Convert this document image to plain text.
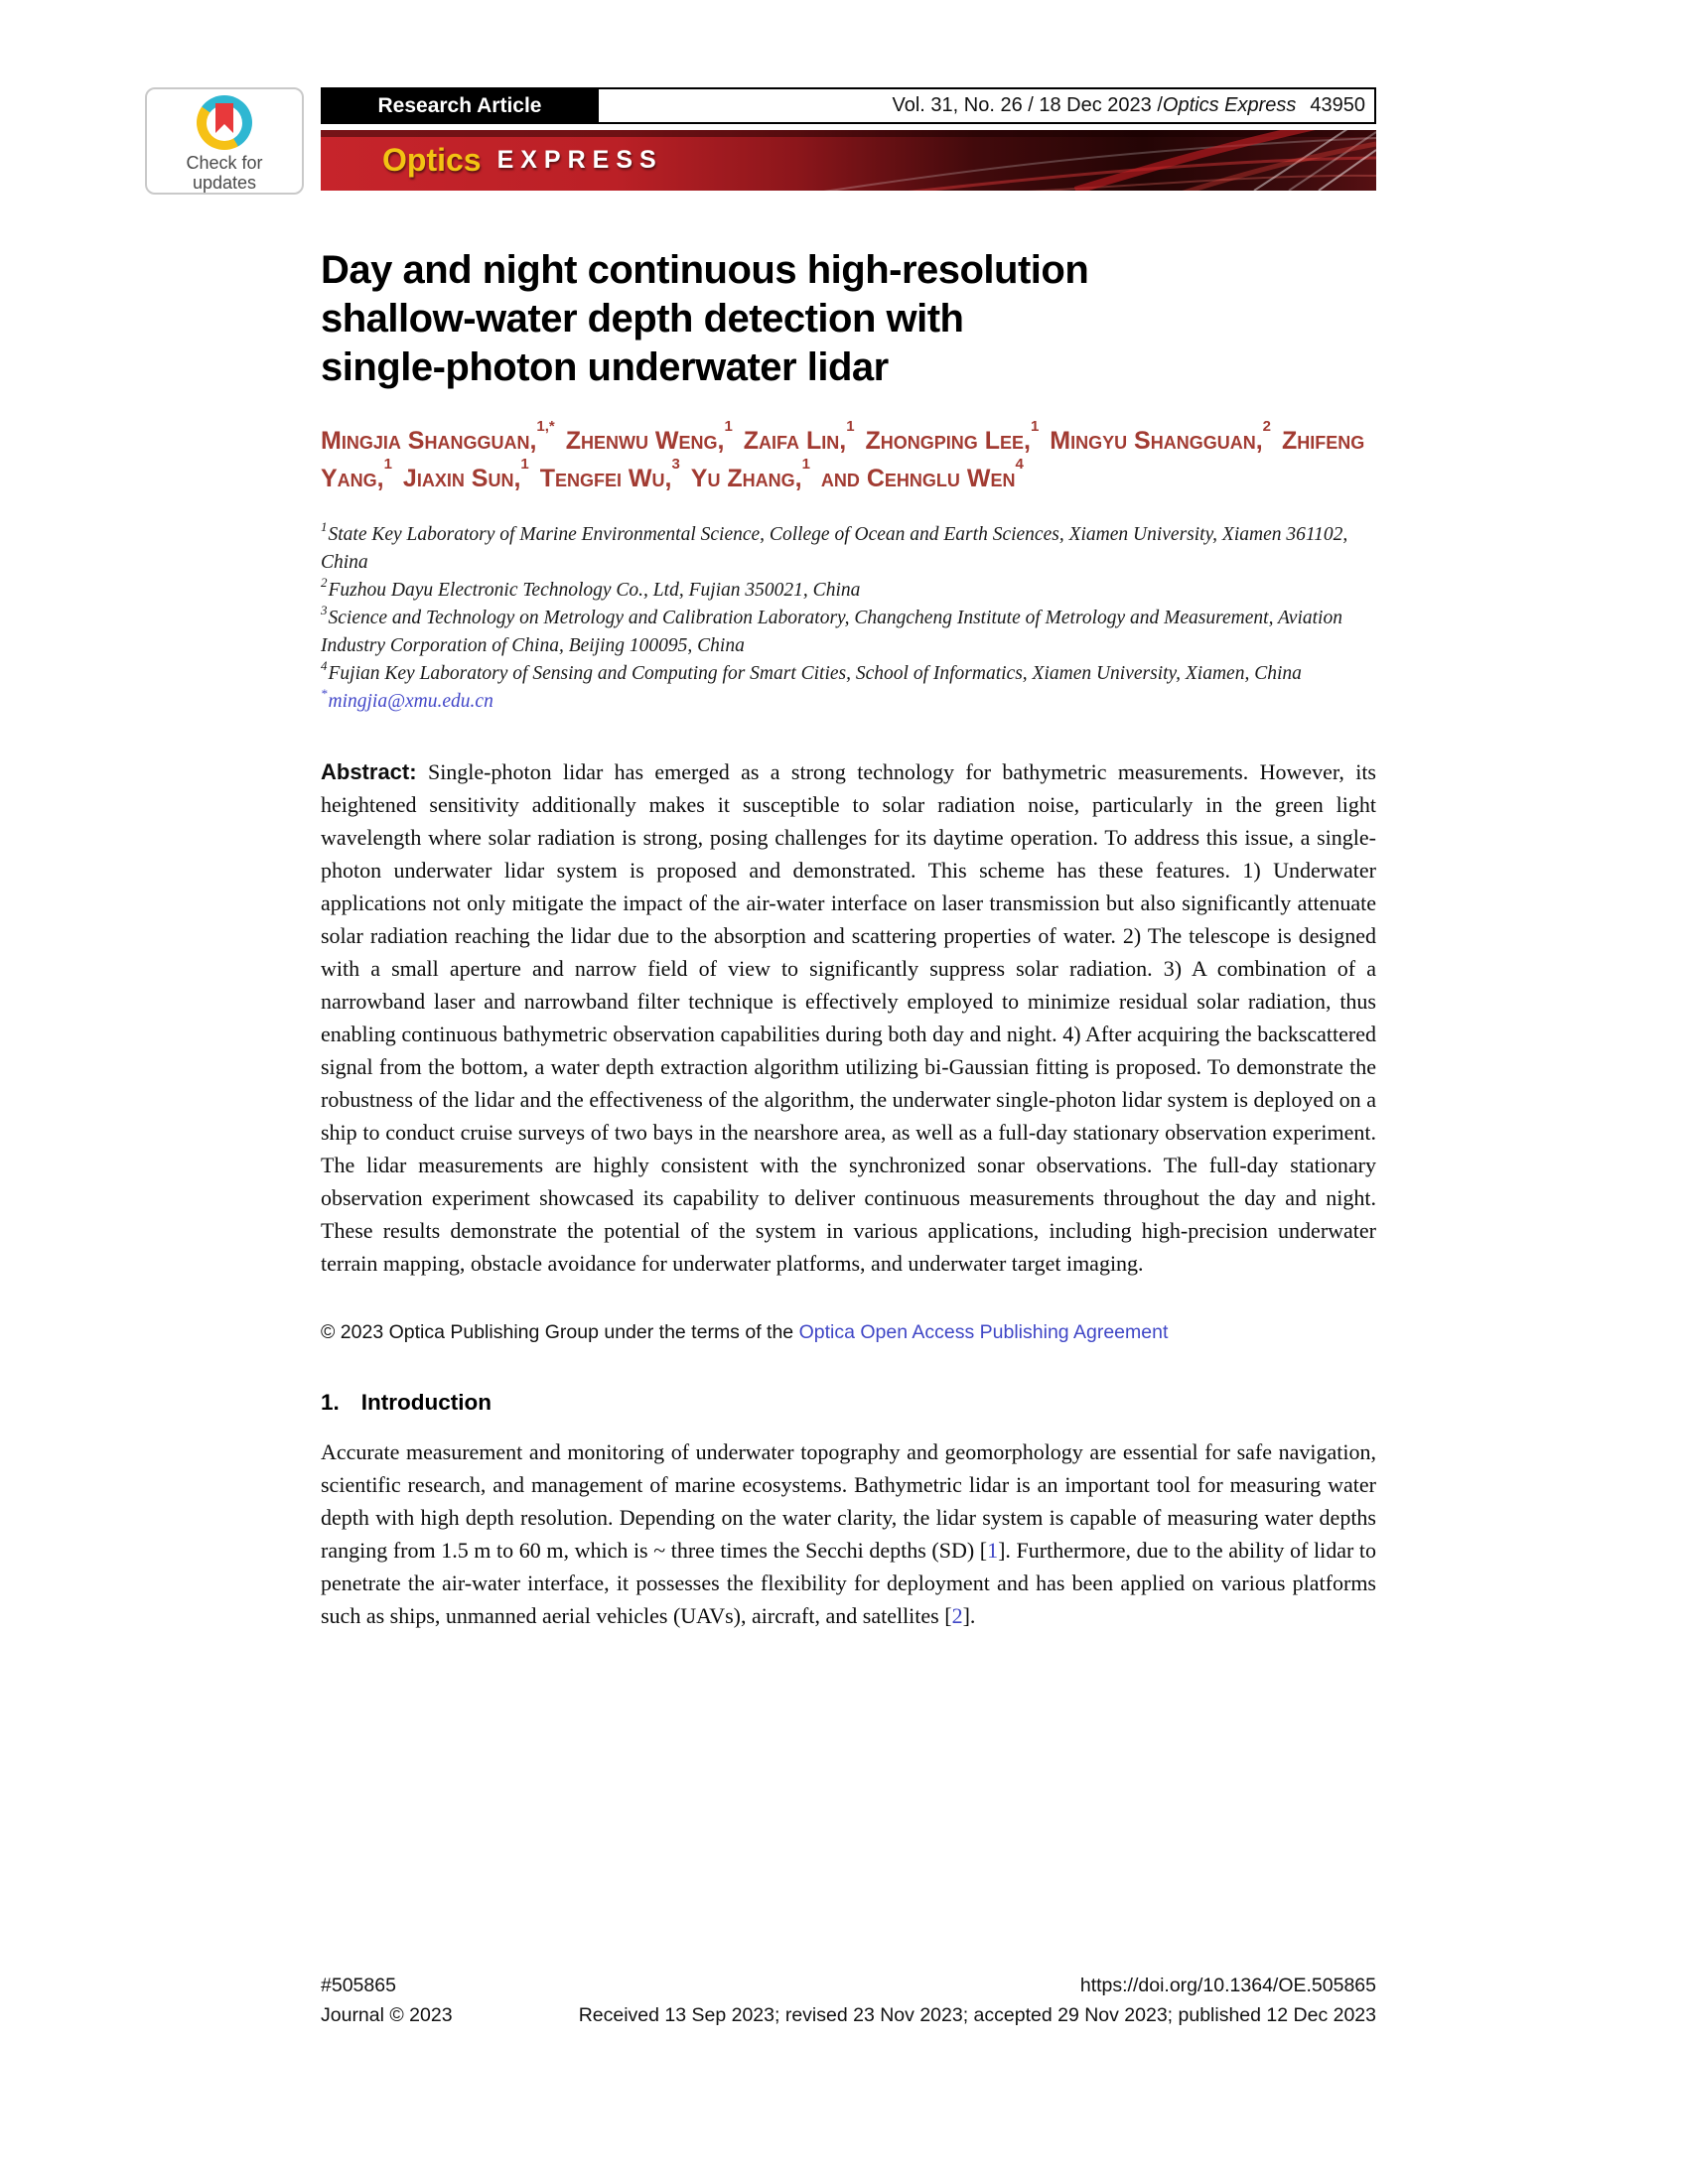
Check for
updates
Research Article	Vol. 31, No. 26 / 18 Dec 2023 / Optics Express 43950
Optics EXPRESS
Day and night continuous high-resolution
shallow-water depth detection with
single-photon underwater lidar
Mingjia Shangguan,$^{1,*}$ Zhenwu Weng,$^1$ Zaifa Lin,$^1$ Zhongping Lee,$^1$ Mingyu Shangguan,$^2$ Zhifeng Yang,$^1$ Jiaxin Sun,$^1$ Tengfei Wu,$^3$ Yu Zhang,$^1$ and Cehnglu Wen$^4$
$^1$State Key Laboratory of Marine Environmental Science, College of Ocean and Earth Sciences, Xiamen University, Xiamen 361102, China
$^2$Fuzhou Dayu Electronic Technology Co., Ltd, Fujian 350021, China
$^3$Science and Technology on Metrology and Calibration Laboratory, Changcheng Institute of Metrology and Measurement, Aviation Industry Corporation of China, Beijing 100095, China
$^4$Fujian Key Laboratory of Sensing and Computing for Smart Cities, School of Informatics, Xiamen University, Xiamen, China
*mingjia@xmu.edu.cn
Abstract: Single-photon lidar has emerged as a strong technology for bathymetric measurements. However, its heightened sensitivity additionally makes it susceptible to solar radiation noise, particularly in the green light wavelength where solar radiation is strong, posing challenges for its daytime operation. To address this issue, a single-photon underwater lidar system is proposed and demonstrated. This scheme has these features. 1) Underwater applications not only mitigate the impact of the air-water interface on laser transmission but also significantly attenuate solar radiation reaching the lidar due to the absorption and scattering properties of water. 2) The telescope is designed with a small aperture and narrow field of view to significantly suppress solar radiation. 3) A combination of a narrowband laser and narrowband filter technique is effectively employed to minimize residual solar radiation, thus enabling continuous bathymetric observation capabilities during both day and night. 4) After acquiring the backscattered signal from the bottom, a water depth extraction algorithm utilizing bi-Gaussian fitting is proposed. To demonstrate the robustness of the lidar and the effectiveness of the algorithm, the underwater single-photon lidar system is deployed on a ship to conduct cruise surveys of two bays in the nearshore area, as well as a full-day stationary observation experiment. The lidar measurements are highly consistent with the synchronized sonar observations. The full-day stationary observation experiment showcased its capability to deliver continuous measurements throughout the day and night. These results demonstrate the potential of the system in various applications, including high-precision underwater terrain mapping, obstacle avoidance for underwater platforms, and underwater target imaging.
© 2023 Optica Publishing Group under the terms of the Optica Open Access Publishing Agreement
1. Introduction
Accurate measurement and monitoring of underwater topography and geomorphology are essential for safe navigation, scientific research, and management of marine ecosystems. Bathymetric lidar is an important tool for measuring water depth with high depth resolution. Depending on the water clarity, the lidar system is capable of measuring water depths ranging from 1.5 m to 60 m, which is ~ three times the Secchi depths (SD) [1]. Furthermore, due to the ability of lidar to penetrate the air-water interface, it possesses the flexibility for deployment and has been applied on various platforms such as ships, unmanned aerial vehicles (UAVs), aircraft, and satellites [2].
#505865	https://doi.org/10.1364/OE.505865
Journal © 2023	Received 13 Sep 2023; revised 23 Nov 2023; accepted 29 Nov 2023; published 12 Dec 2023
